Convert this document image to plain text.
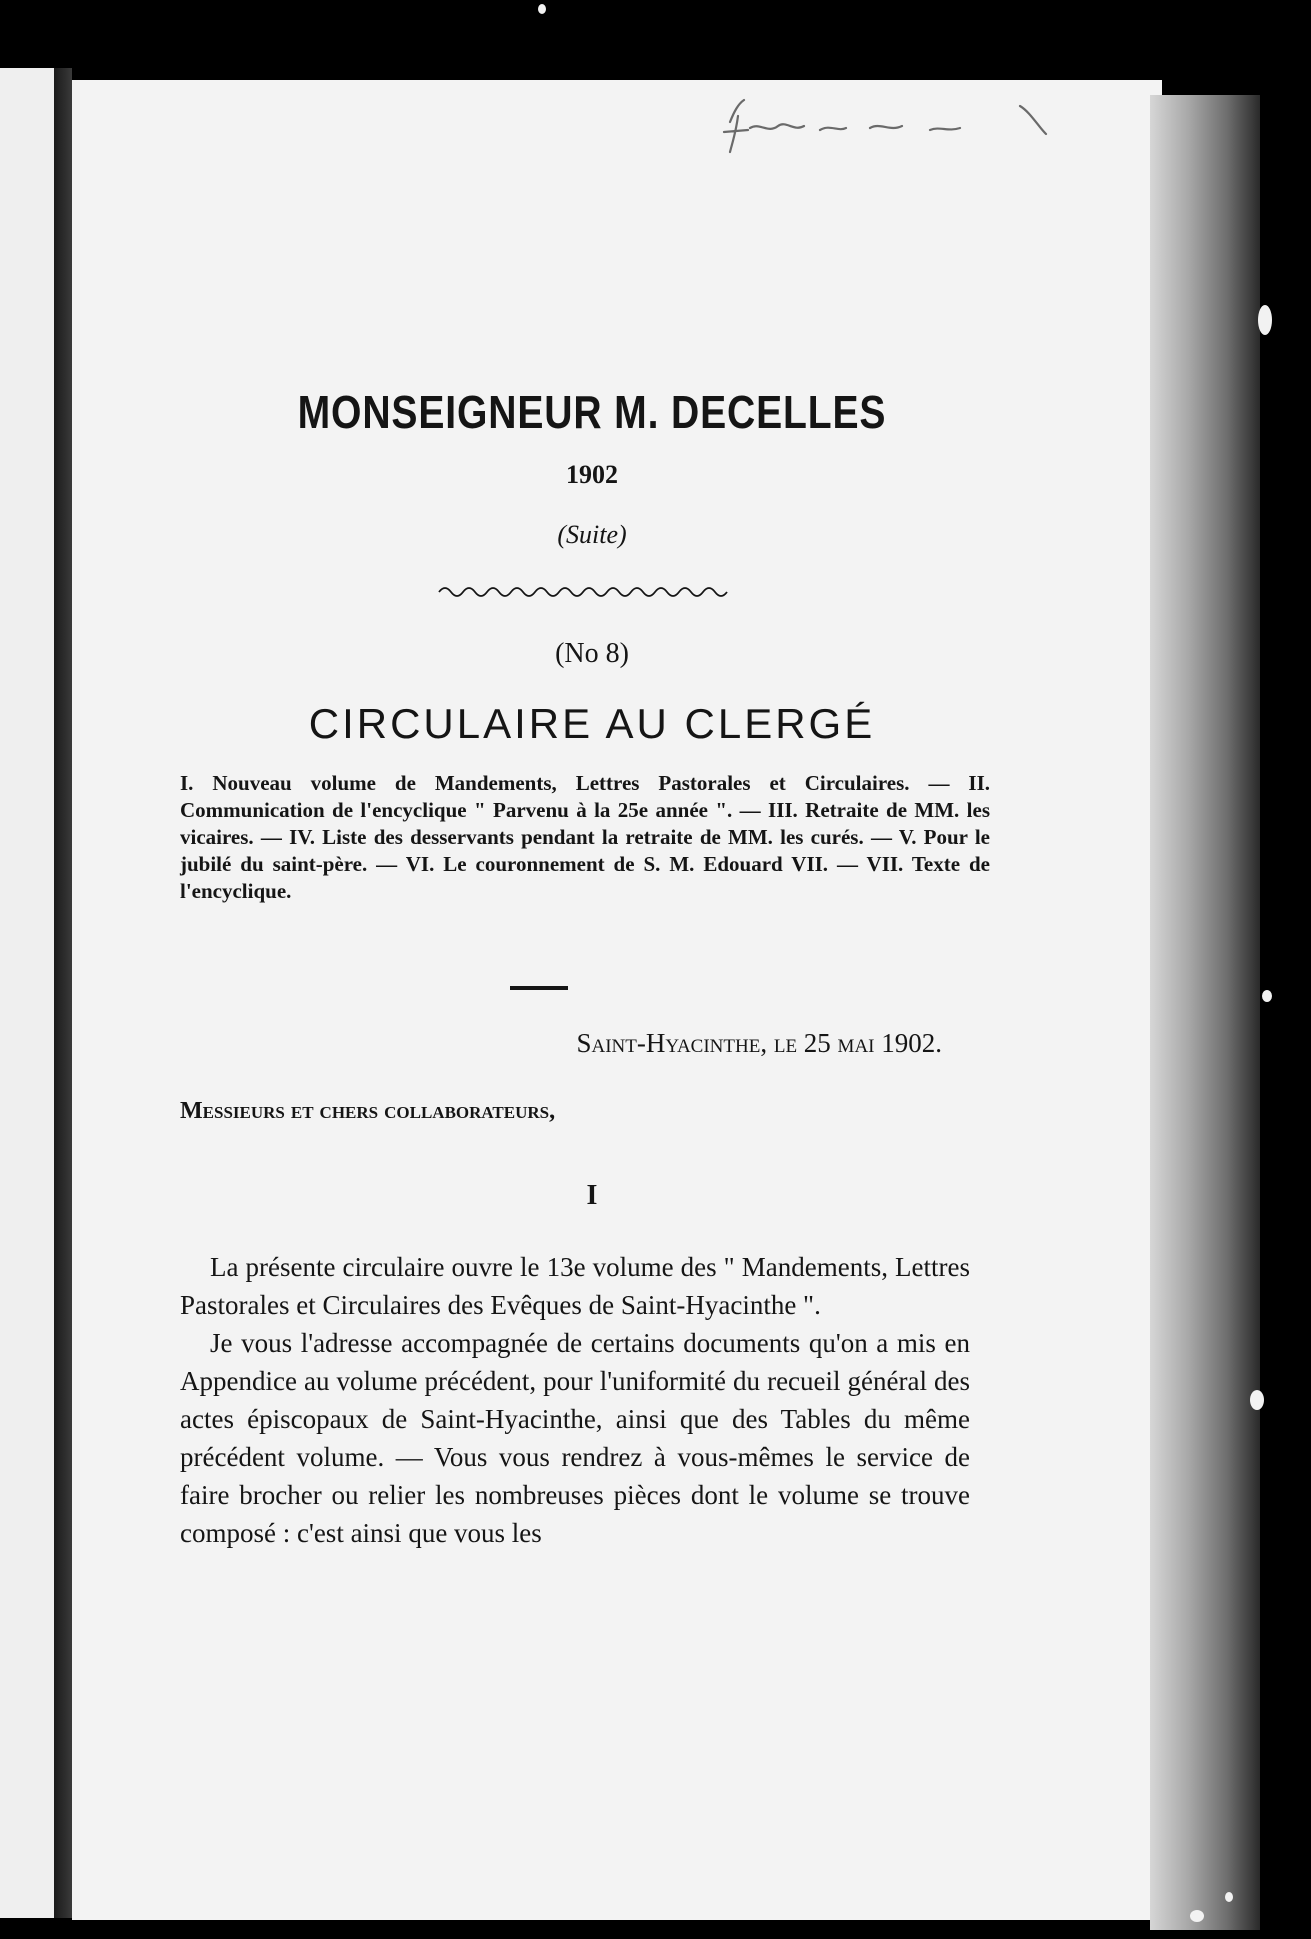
MONSEIGNEUR M. DECELLES
1902
(Suite)
(No 8)
CIRCULAIRE AU CLERGÉ
I. Nouveau volume de Mandements, Lettres Pastorales et Circulaires. — II. Communication de l'encyclique " Parvenu à la 25e année ". — III. Retraite de MM. les vicaires. — IV. Liste des desservants pendant la retraite de MM. les curés. — V. Pour le jubilé du saint-père. — VI. Le couronnement de S. M. Edouard VII. — VII. Texte de l'encyclique.
Saint-Hyacinthe, le 25 mai 1902.
Messieurs et chers collaborateurs,
I

La présente circulaire ouvre le 13e volume des " Mandements, Lettres Pastorales et Circulaires des Evêques de Saint-Hyacinthe ".

Je vous l'adresse accompagnée de certains documents qu'on a mis en Appendice au volume précédent, pour l'uniformité du recueil général des actes épiscopaux de Saint-Hyacinthe, ainsi que des Tables du même précédent volume. — Vous vous rendrez à vous-mêmes le service de faire brocher ou relier les nombreuses pièces dont le volume se trouve composé : c'est ainsi que vous les
